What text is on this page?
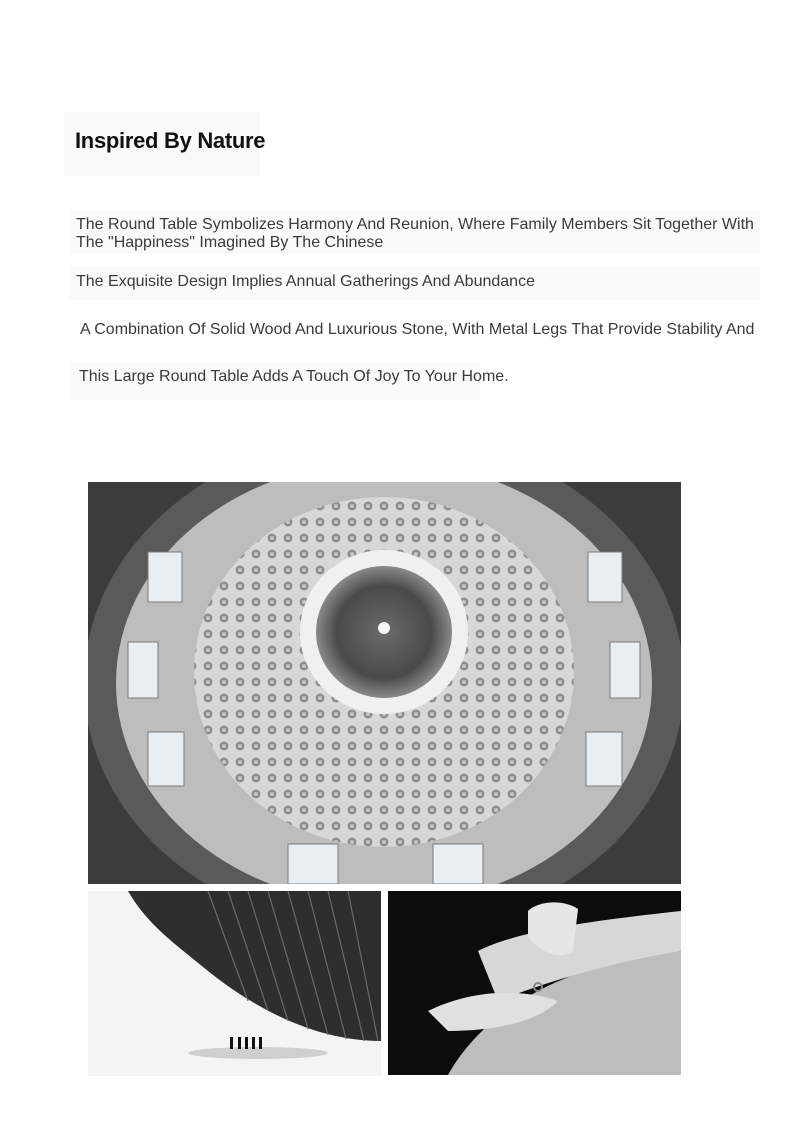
Inspired By Nature

The Round Table Symbolizes Harmony And Reunion, Where Family Members Sit Together With

The "Happiness" Imagined By The Chinese

The Exquisite Design Implies Annual Gatherings And Abundance

A Combination Of Solid Wood And Luxurious Stone, With Metal Legs That Provide Stability And

This Large Round Table Adds A Touch Of Joy To Your Home.
